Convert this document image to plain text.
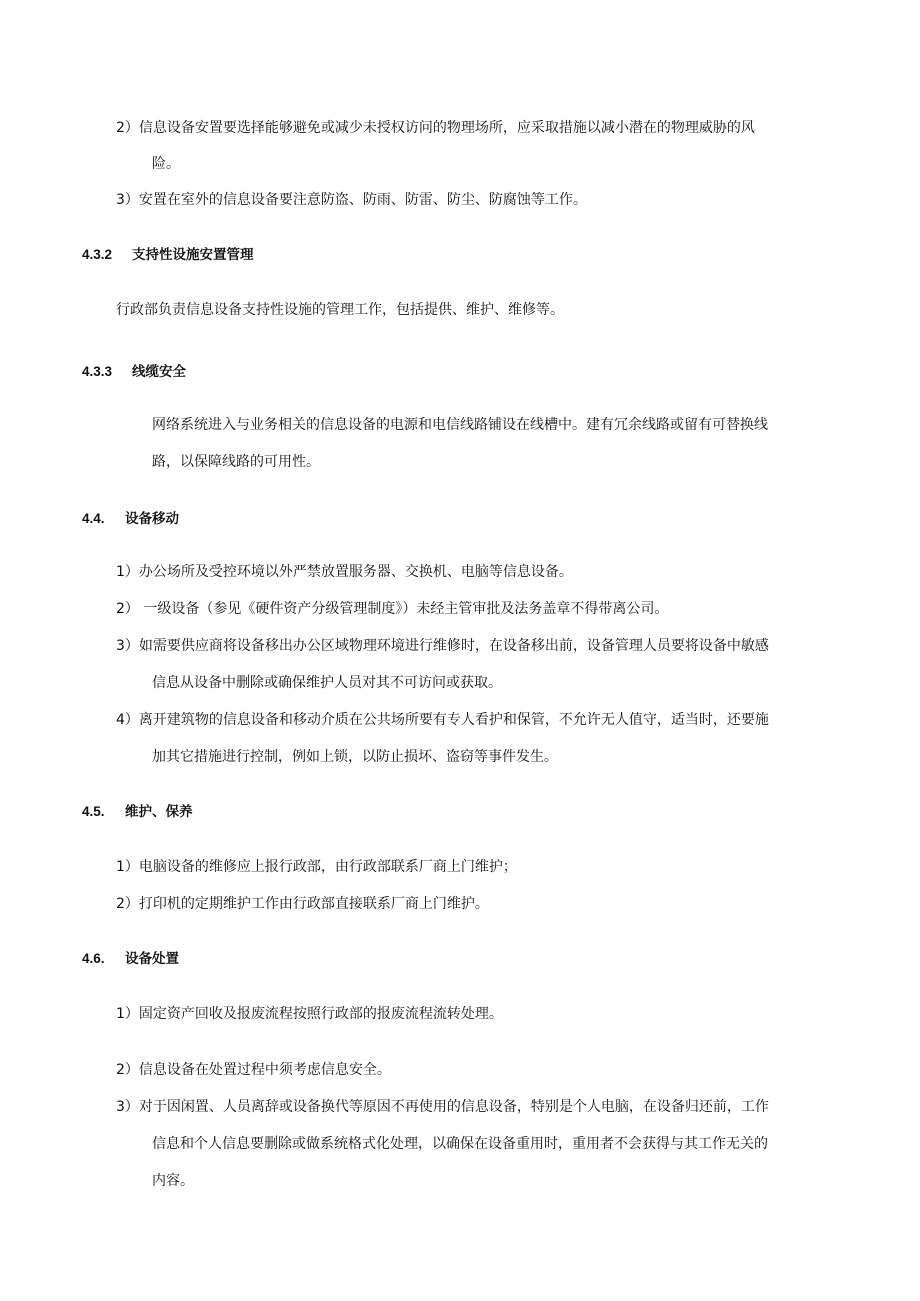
2）信息设备安置要选择能够避免或减少未授权访问的物理场所，应采取措施以减小潜在的物理威胁的风
险。
3）安置在室外的信息设备要注意防盗、防雨、防雷、防尘、防腐蚀等工作。
4.3.2 支持性设施安置管理
行政部负责信息设备支持性设施的管理工作，包括提供、维护、维修等。
4.3.3 线缆安全
网络系统进入与业务相关的信息设备的电源和电信线路铺设在线槽中。建有冗余线路或留有可替换线
路，以保障线路的可用性。
4.4. 设备移动
1）办公场所及受控环境以外严禁放置服务器、交换机、电脑等信息设备。
2） 一级设备（参见《硬件资产分级管理制度》）未经主管审批及法务盖章不得带离公司。
3）如需要供应商将设备移出办公区域物理环境进行维修时，在设备移出前，设备管理人员要将设备中敏感
信息从设备中删除或确保维护人员对其不可访问或获取。
4）离开建筑物的信息设备和移动介质在公共场所要有专人看护和保管，不允许无人值守，适当时，还要施
加其它措施进行控制，例如上锁，以防止损坏、盗窃等事件发生。
4.5. 维护、保养
1）电脑设备的维修应上报行政部，由行政部联系厂商上门维护；
2）打印机的定期维护工作由行政部直接联系厂商上门维护。
4.6. 设备处置
1）固定资产回收及报废流程按照行政部的报废流程流转处理。
2）信息设备在处置过程中须考虑信息安全。
3）对于因闲置、人员离辞或设备换代等原因不再使用的信息设备，特别是个人电脑，在设备归还前，工作
信息和个人信息要删除或做系统格式化处理，以确保在设备重用时，重用者不会获得与其工作无关的
内容。
